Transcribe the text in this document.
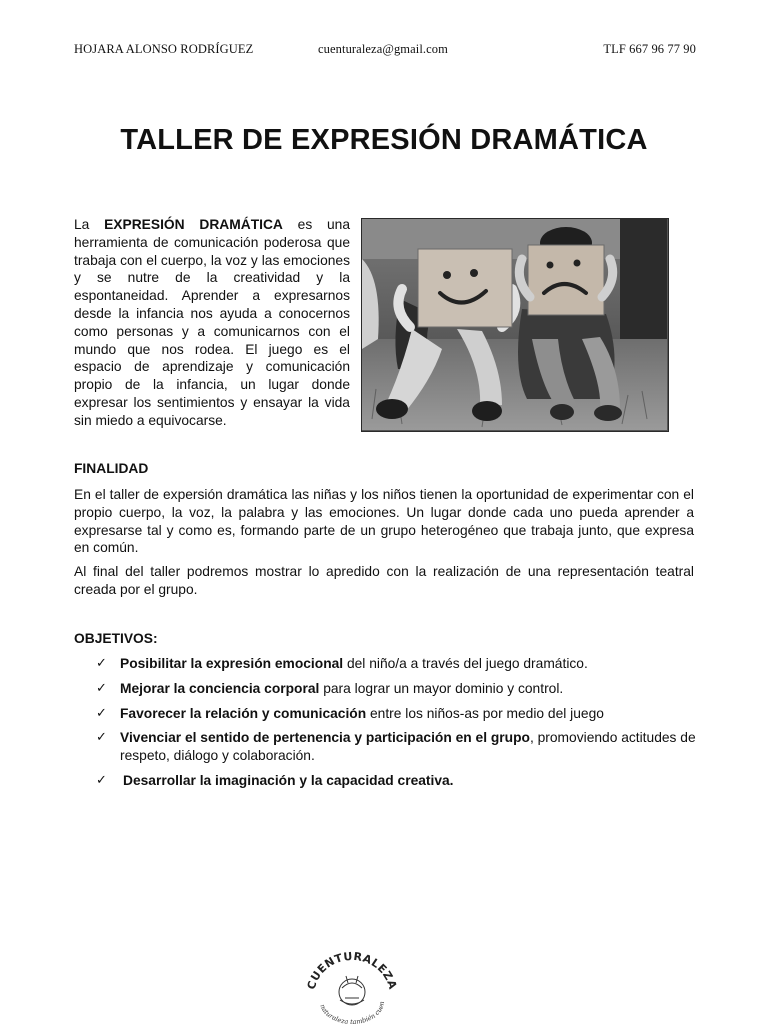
HOJARA ALONSO RODRÍGUEZ	cuenturaleza@gmail.com	TLF 667 96 77 90
TALLER DE EXPRESIÓN DRAMÁTICA

La EXPRESIÓN DRAMÁTICA es una herramienta de comunicación poderosa que trabaja con el cuerpo, la voz y las emociones y se nutre de la creatividad y la espontaneidad. Aprender a expresarnos desde la infancia nos ayuda a conocernos como personas y a comunicarnos con el mundo que nos rodea. El juego es el espacio de aprendizaje y comunicación propio de la infancia, un lugar donde expresar los sentimientos y ensayar la vida sin miedo a equivocarse.

FINALIDAD

En el taller de expersión dramática las niñas y los niños tienen la oportunidad de experimentar con el propio cuerpo, la voz, la palabra y las emociones. Un lugar donde cada uno pueda aprender a expresarse tal y como es, formando parte de un grupo heterogéneo que trabaja junto, que expresa en común.

Al final del taller podremos mostrar lo apredido con la realización de una representación teatral creada por el grupo.

OBJETIVOS:
✓ Posibilitar la expresión emocional del niño/a a través del juego dramático.
✓ Mejorar la conciencia corporal para lograr un mayor dominio y control.
✓ Favorecer la relación y comunicación entre los niños-as por medio del juego
✓ Vivenciar el sentido de pertenencia y participación en el grupo, promoviendo actitudes de respeto, diálogo y colaboración.
✓ Desarrollar la imaginación y la capacidad creativa.
CUENTURALEZA
naturaleza también cuen
